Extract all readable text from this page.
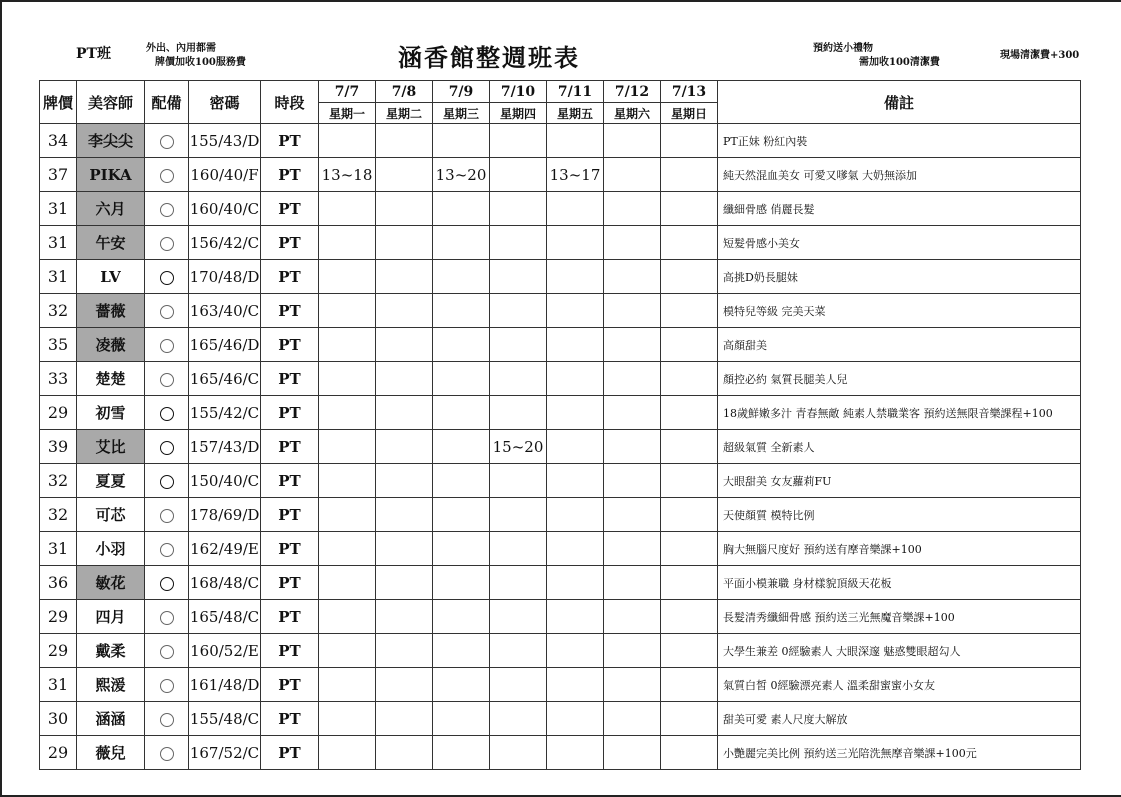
PT班	外出、內用都需
牌價加收100服務費	涵香館整週班表	預約送小禮物
需加收100清潔費
現場清潔費+300
牌價	美容師	配備	密碼	時段	7/7	7/8	7/9	7/10	7/11	7/12	7/13	備註
					星期一	星期二	星期三	星期四	星期五	星期六	星期日	
34	李尖尖		155/43/D	PT								PT正妹 粉紅內裝
37	PIKA		160/40/F	PT	13~18		13~20		13~17			純天然混血美女 可愛又嗲氣 大奶無添加
31	六月		160/40/C	PT								纖細骨感 俏麗長髮
31	午安		156/42/C	PT								短髮骨感小美女
31	LV		170/48/D	PT								高挑D奶長腿妹
32	薔薇		163/40/C	PT								模特兒等級 完美天菜
35	凌薇		165/46/D	PT								高顏甜美
33	楚楚		165/46/C	PT								顏控必約 氣質長腿美人兒
29	初雪		155/42/C	PT								18歲鮮嫩多汁 青春無敵 純素人禁職業客 預約送無限音樂課程+100
39	艾比		157/43/D	PT				15~20				超級氣質 全新素人
32	夏夏		150/40/C	PT								大眼甜美 女友蘿莉FU
32	可芯		178/69/D	PT								天使顏質 模特比例
31	小羽		162/49/E	PT								胸大無腦尺度好 預約送有摩音樂課+100
36	敏花		168/48/C	PT								平面小模兼職 身材樣貌頂級天花板
29	四月		165/48/C	PT								長髮清秀纖細骨感 預約送三光無魔音樂課+100
29	戴柔		160/52/E	PT								大學生兼差 0經驗素人 大眼深邃 魅惑雙眼超勾人
31	熙湲		161/48/D	PT								氣質白皙 0經驗漂亮素人 溫柔甜蜜蜜小女友
30	涵涵		155/48/C	PT								甜美可愛 素人尺度大解放
29	薇兒		167/52/C	PT								小艷麗完美比例 預約送三光陪洗無摩音樂課+100元
